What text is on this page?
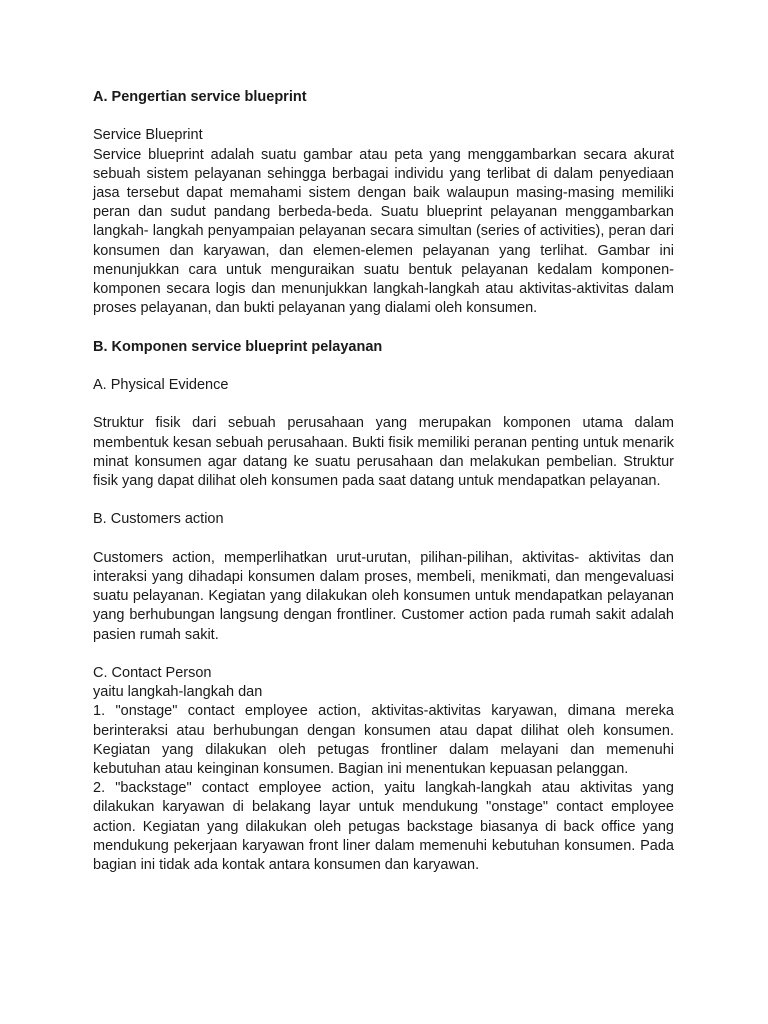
A. Pengertian service blueprint

Service Blueprint

Service blueprint adalah suatu gambar atau peta yang menggambarkan secara akurat sebuah sistem pelayanan sehingga berbagai individu yang terlibat di dalam penyediaan jasa tersebut dapat memahami sistem dengan baik walaupun masing-masing memiliki peran dan sudut pandang berbeda-beda. Suatu blueprint pelayanan menggambarkan langkah- langkah penyampaian pelayanan secara simultan (series of activities), peran dari konsumen dan karyawan, dan elemen-elemen pelayanan yang terlihat. Gambar ini menunjukkan cara untuk menguraikan suatu bentuk pelayanan kedalam komponen- komponen secara logis dan menunjukkan langkah-langkah atau aktivitas-aktivitas dalam proses pelayanan, dan bukti pelayanan yang dialami oleh konsumen.

B. Komponen service blueprint pelayanan

A. Physical Evidence

Struktur fisik dari sebuah perusahaan yang merupakan komponen utama dalam membentuk kesan sebuah perusahaan. Bukti fisik memiliki peranan penting untuk menarik minat konsumen agar datang ke suatu perusahaan dan melakukan pembelian. Struktur fisik yang dapat dilihat oleh konsumen pada saat datang untuk mendapatkan pelayanan.

B. Customers action

Customers action, memperlihatkan urut-urutan, pilihan-pilihan, aktivitas- aktivitas dan interaksi yang dihadapi konsumen dalam proses, membeli, menikmati, dan mengevaluasi suatu pelayanan. Kegiatan yang dilakukan oleh konsumen untuk mendapatkan pelayanan yang berhubungan langsung dengan frontliner. Customer action pada rumah sakit adalah pasien rumah sakit.

C. Contact Person

yaitu langkah-langkah dan

1. "onstage" contact employee action, aktivitas-aktivitas karyawan, dimana mereka berinteraksi atau berhubungan dengan konsumen atau dapat dilihat oleh konsumen. Kegiatan yang dilakukan oleh petugas frontliner dalam melayani dan memenuhi kebutuhan atau keinginan konsumen. Bagian ini menentukan kepuasan pelanggan.

2. "backstage" contact employee action, yaitu langkah-langkah atau aktivitas yang dilakukan karyawan di belakang layar untuk mendukung "onstage" contact employee action. Kegiatan yang dilakukan oleh petugas backstage biasanya di back office yang mendukung pekerjaan karyawan front liner dalam memenuhi kebutuhan konsumen. Pada bagian ini tidak ada kontak antara konsumen dan karyawan.
